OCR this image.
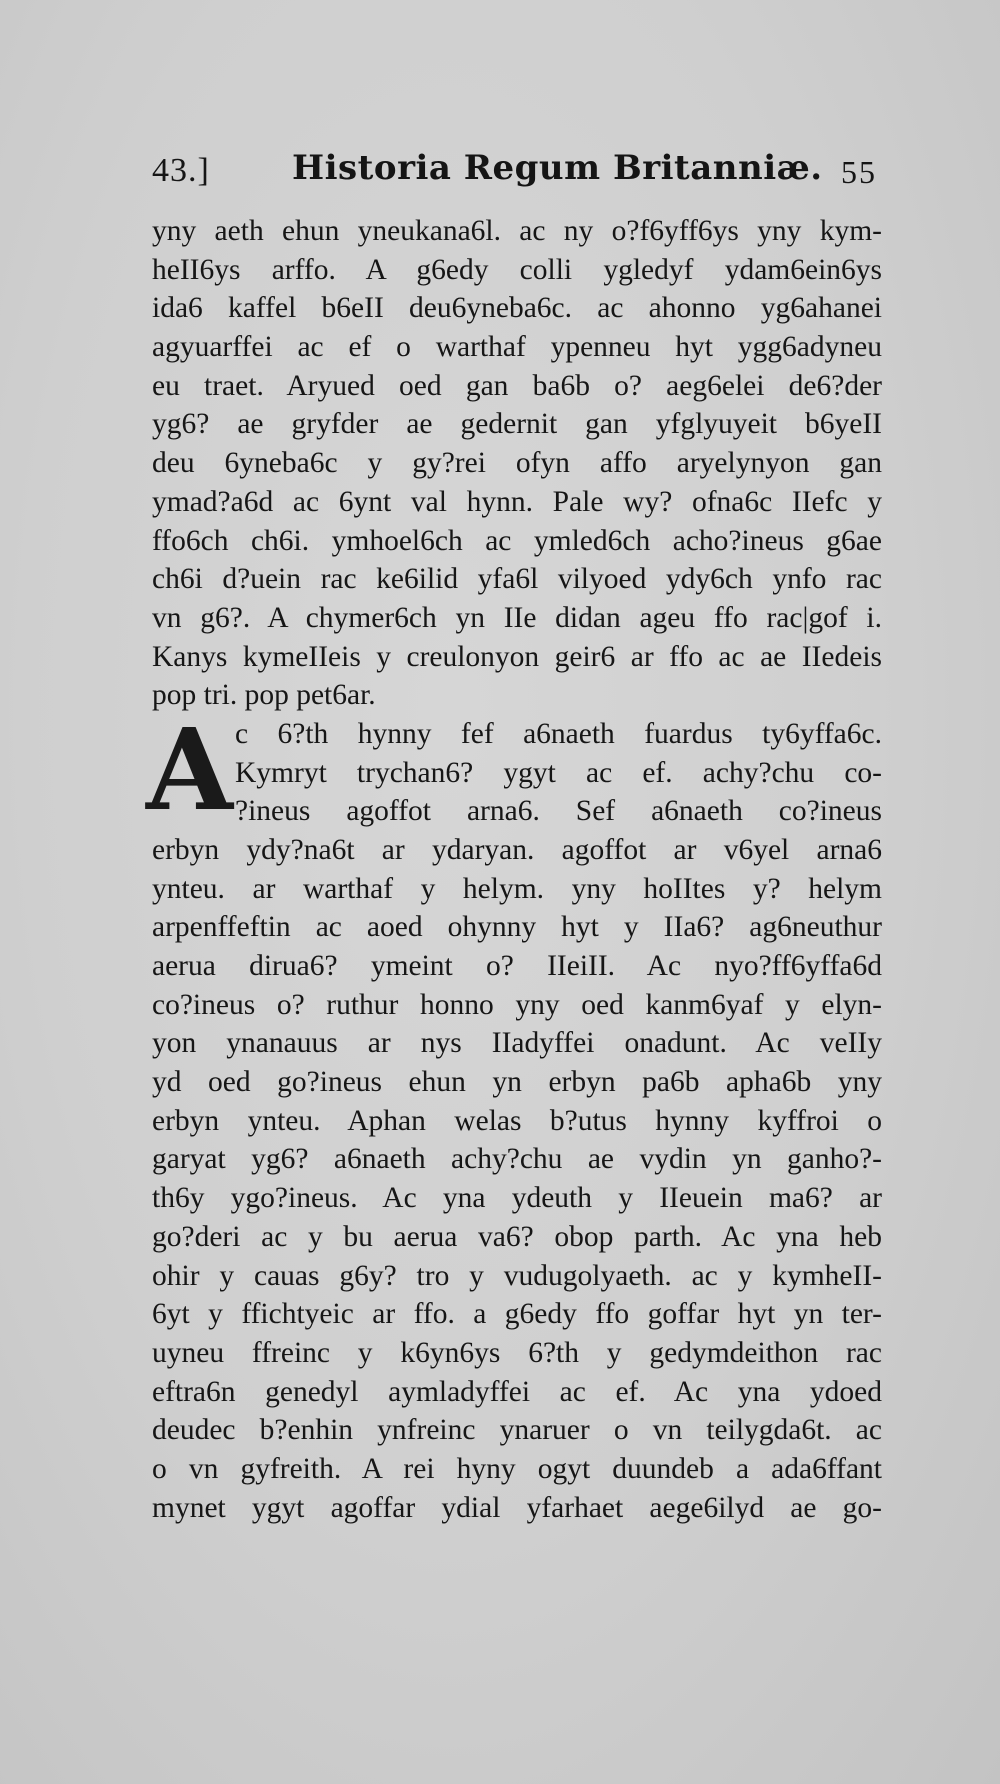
43.] Historia Regum Britanniæ. 55
yny aeth ehun yneukana6l. ac ny o?f6yff6ys yny kym-
heII6ys arffo. A g6edy colli ygledyf ydam6ein6ys
ida6 kaffel b6eII deu6yneba6c. ac ahonno yg6ahanei
agyuarffei ac ef o warthaf ypenneu hyt ygg6adyneu
eu traet. Aryued oed gan ba6b o? aeg6elei de6?der
yg6? ae gryfder ae gedernit gan yfglyuyeit b6yeII
deu 6yneba6c y gy?rei ofyn affo aryelynyon gan
ymad?a6d ac 6ynt val hynn. Pale wy? ofna6c IIefc y
ffo6ch ch6i. ymhoel6ch ac ymled6ch acho?ineus g6ae
ch6i d?uein rac ke6ilid yfa6l vilyoed ydy6ch ynfo rac
vn g6?. A chymer6ch yn IIe didan ageu ffo rac|gof i.
Kanys kymeIIeis y creulonyon geir6 ar ffo ac ae IIedeis
pop tri. pop pet6ar.
A c 6?th hynny fef a6naeth fuardus ty6yffa6c.
Kymryt trychan6? ygyt ac ef. achy?chu co-
?ineus agoffot arna6. Sef a6naeth co?ineus
erbyn ydy?na6t ar ydaryan. agoffot ar v6yel arna6
ynteu. ar warthaf y helym. yny hoIItes y? helym
arpenffeftin ac aoed ohynny hyt y IIa6? ag6neuthur
aerua dirua6? ymeint o? IIeiII. Ac nyo?ff6yffa6d
co?ineus o? ruthur honno yny oed kanm6yaf y elyn-
yon ynanauus ar nys IIadyffei onadunt. Ac veIIy
yd oed go?ineus ehun yn erbyn pa6b apha6b yny
erbyn ynteu. Aphan welas b?utus hynny kyffroi o
garyat yg6? a6naeth achy?chu ae vydin yn ganho?-
th6y ygo?ineus. Ac yna ydeuth y IIeuein ma6? ar
go?deri ac y bu aerua va6? obop parth. Ac yna heb
ohir y cauas g6y? tro y vudugolyaeth. ac y kymheII-
6yt y ffichtyeic ar ffo. a g6edy ffo goffar hyt yn ter-
uyneu ffreinc y k6yn6ys 6?th y gedymdeithon rac
eftra6n genedyl aymladyffei ac ef. Ac yna ydoed
deudec b?enhin ynfreinc ynaruer o vn teilygda6t. ac
o vn gyfreith. A rei hyny ogyt duundeb a ada6ffant
mynet ygyt agoffar ydial yfarhaet aege6ilyd ae go-
